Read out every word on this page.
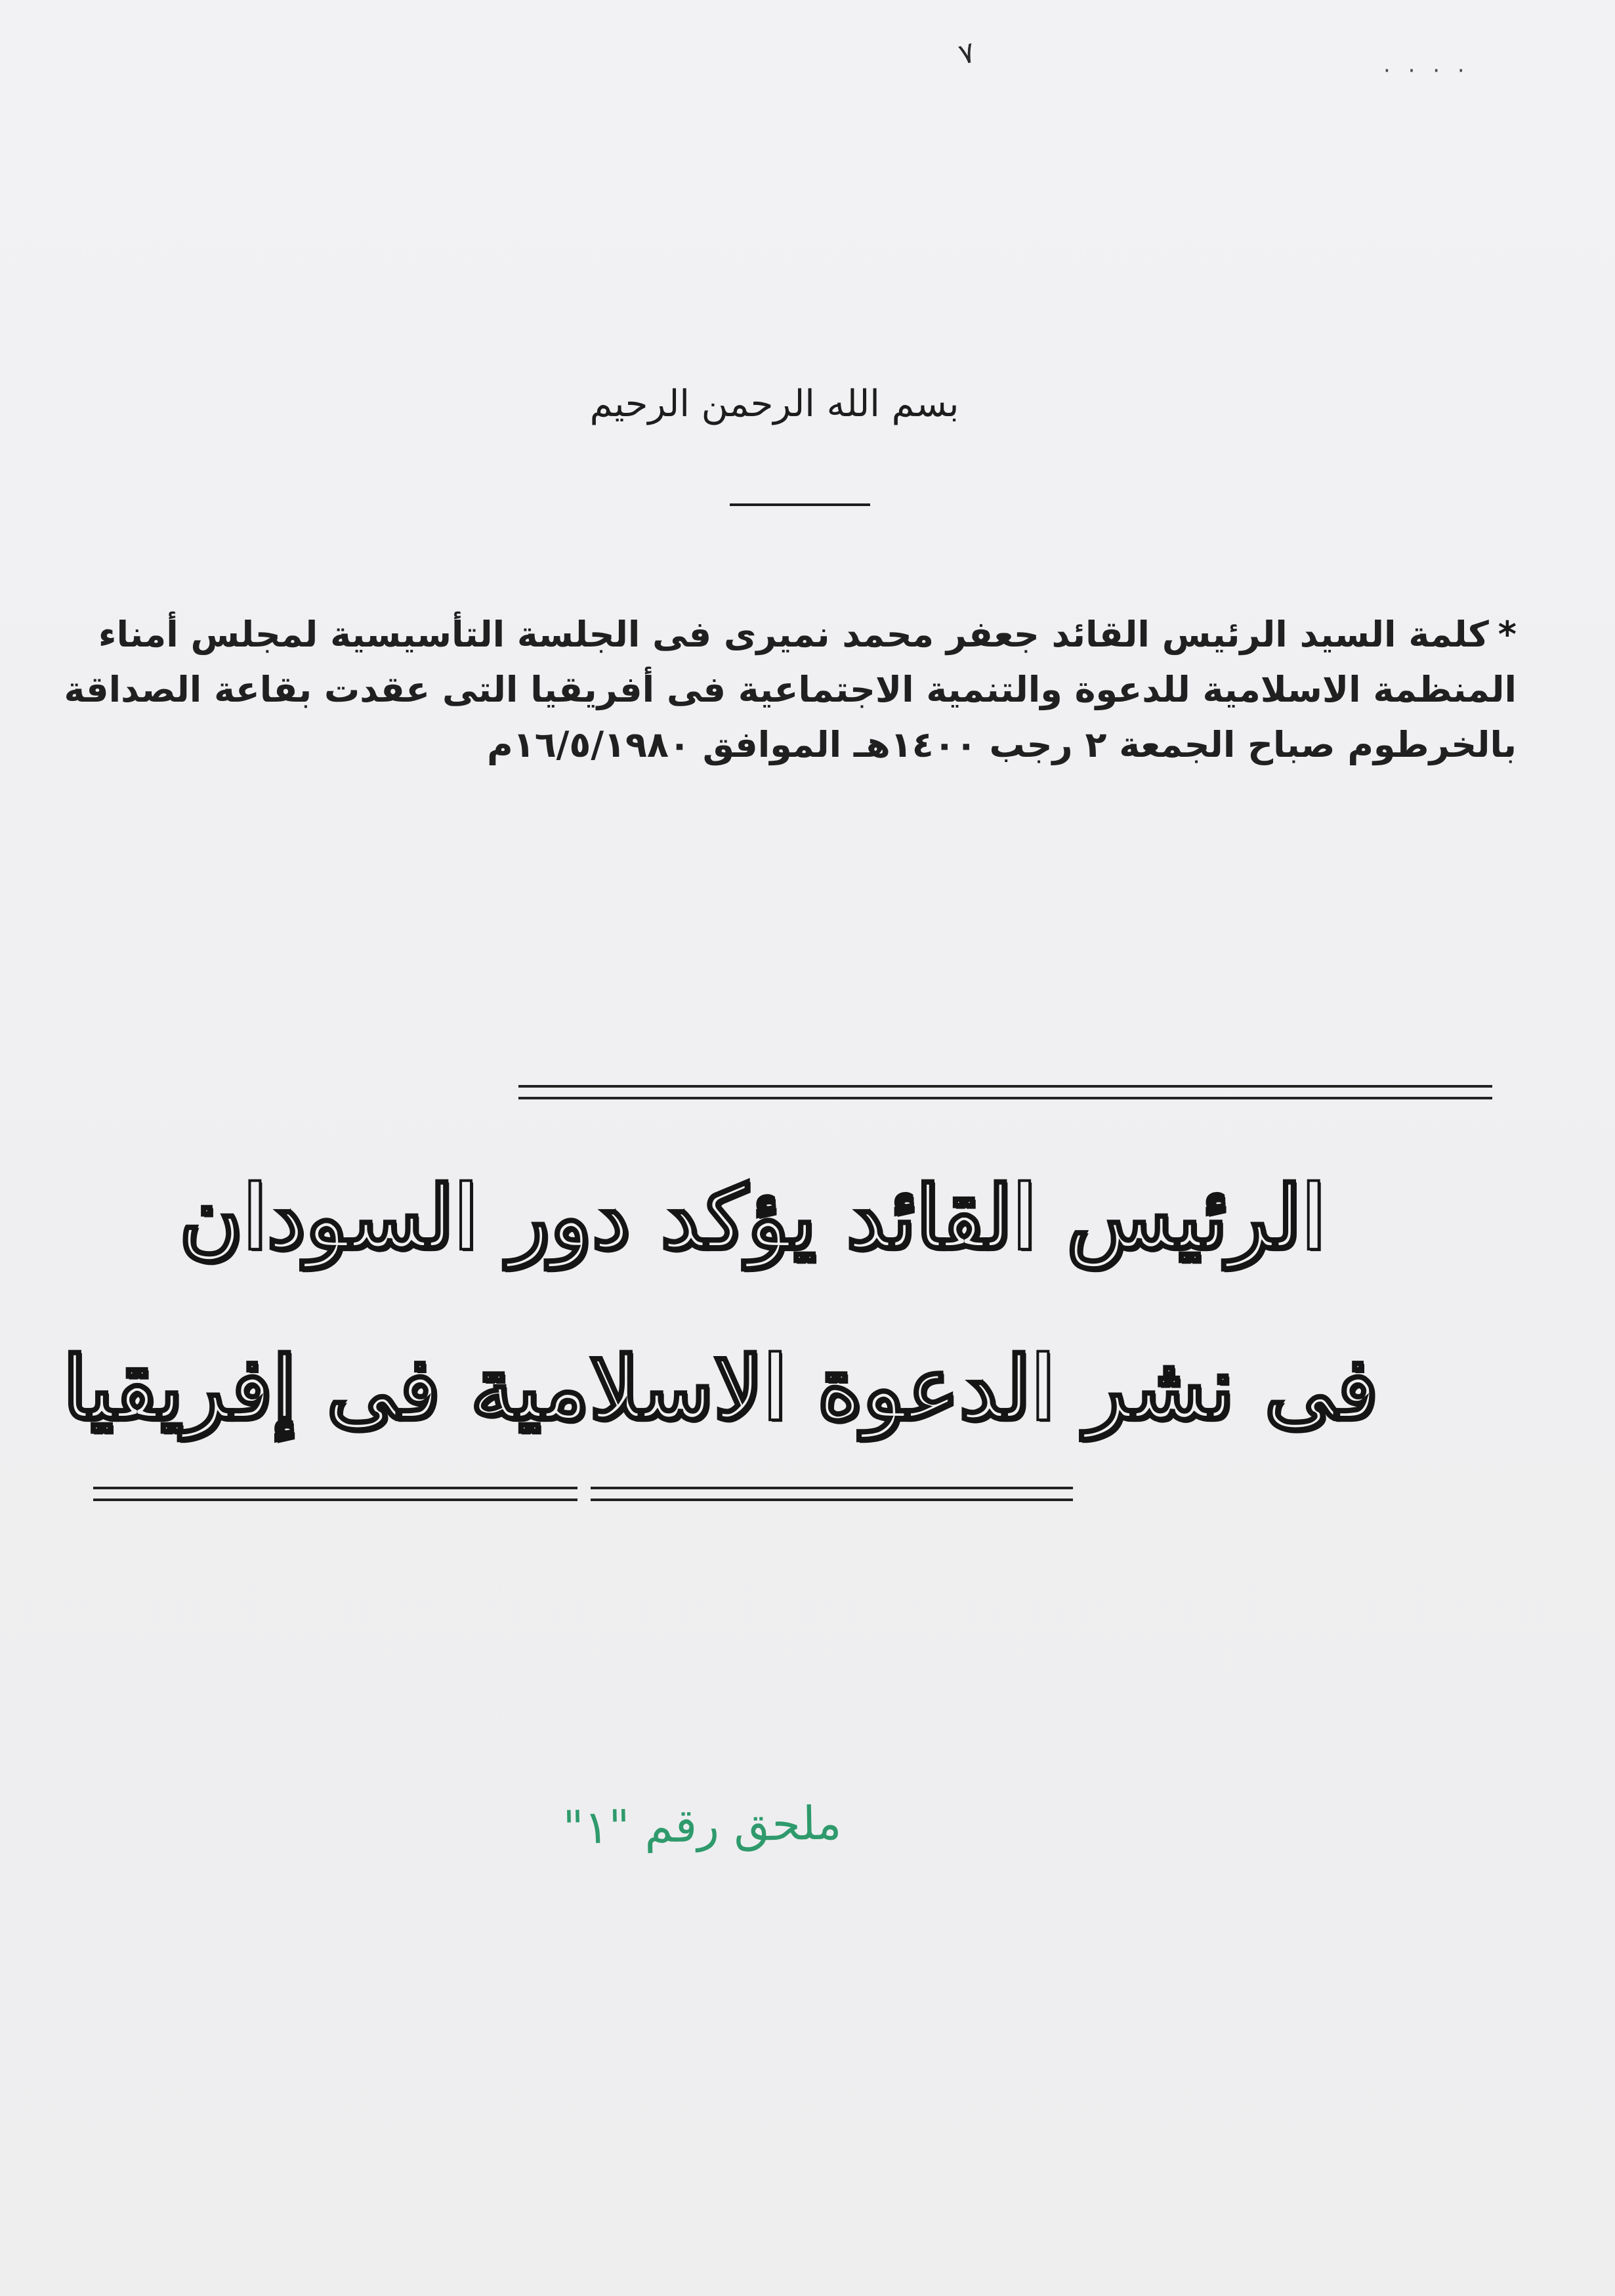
٧	· · · ·
بسم الله الرحمن الرحيم
*كلمة السيد الرئيس القائد جعفر محمد نميرى فى الجلسة التأسيسية لمجلس أمناء
المنظمة الاسلامية للدعوة والتنمية الاجتماعية فى أفريقيا التى عقدت بقاعة الصداقة
بالخرطوم صباح الجمعة ٢ رجب ١٤٠٠هـ الموافق ١٦/٥/١٩٨٠م
الرئيس القائد يؤكد دور السودان
فى نشر الدعوة الاسلامية فى إفريقيا
ملحق رقم "١"
